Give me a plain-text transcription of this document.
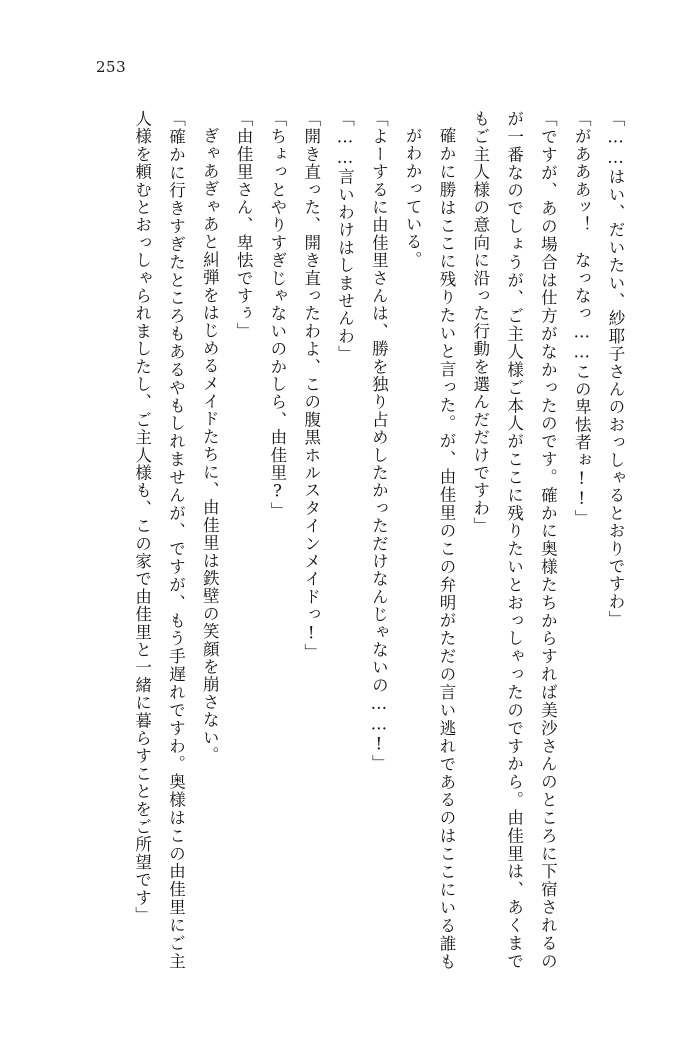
253

「……はい、だいたい、紗耶子さんのおっしゃるとおりですわ」

「があああッ！　なっなっ……この卑怯者ぉ!!」

「ですが、あの場合は仕方がなかったのです。確かに奥様たちからすれば美沙さんのところに下宿されるのが一番なのでしょうが、ご主人様ご本人がここに残りたいとおっしゃったのですから。由佳里は、あくまでもご主人様の意向に沿った行動を選んだだけですわ」

確かに勝はここに残りたいと言った。が、由佳里のこの弁明がただの言い逃れであるのはここにいる誰もがわかっている。

「よーするに由佳里さんは、勝を独り占めしたかっただけなんじゃないの……!」

「……言いわけはしませんわ」

「開き直った、開き直ったわよ、この腹黒ホルスタインメイドっ!」

「ちょっとやりすぎじゃないのかしら、由佳里?」

「由佳里さん、卑怯ですぅ」

ぎゃあぎゃあと糾弾をはじめるメイドたちに、由佳里は鉄壁の笑顔を崩さない。

「確かに行きすぎたところもあるやもしれませんが、ですが、もう手遅れですわ。奥様はこの由佳里にご主人様を頼むとおっしゃられましたし、ご主人様も、この家で由佳里と一緒に暮らすことをご所望です」
